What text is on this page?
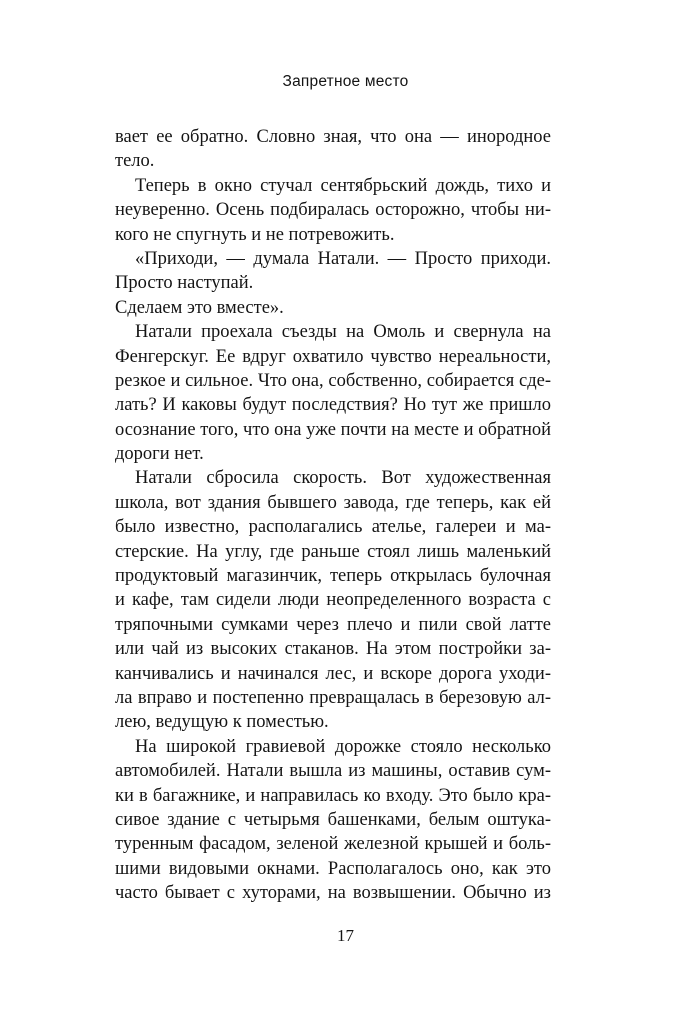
Запретное место
вает ее обратно. Словно зная, что она — инородное
тело.
Теперь в окно стучал сентябрьский дождь, тихо и
неуверенно. Осень подбиралась осторожно, чтобы ни-
кого не спугнуть и не потревожить.
«Приходи, — думала Натали. — Просто приходи.
Просто наступай.
Сделаем это вместе».
Натали проехала съезды на Омоль и свернула на
Фенгерскуг. Ее вдруг охватило чувство нереальности,
резкое и сильное. Что она, собственно, собирается сде-
лать? И каковы будут последствия? Но тут же пришло
осознание того, что она уже почти на месте и обратной
дороги нет.
Натали сбросила скорость. Вот художественная
школа, вот здания бывшего завода, где теперь, как ей
было известно, располагались ателье, галереи и ма-
стерские. На углу, где раньше стоял лишь маленький
продуктовый магазинчик, теперь открылась булочная
и кафе, там сидели люди неопределенного возраста с
тряпочными сумками через плечо и пили свой латте
или чай из высоких стаканов. На этом постройки за-
канчивались и начинался лес, и вскоре дорога уходи-
ла вправо и постепенно превращалась в березовую ал-
лею, ведущую к поместью.
На широкой гравиевой дорожке стояло несколько
автомобилей. Натали вышла из машины, оставив сум-
ки в багажнике, и направилась ко входу. Это было кра-
сивое здание с четырьмя башенками, белым оштука-
туренным фасадом, зеленой железной крышей и боль-
шими видовыми окнами. Располагалось оно, как это
часто бывает с хуторами, на возвышении. Обычно из
17
